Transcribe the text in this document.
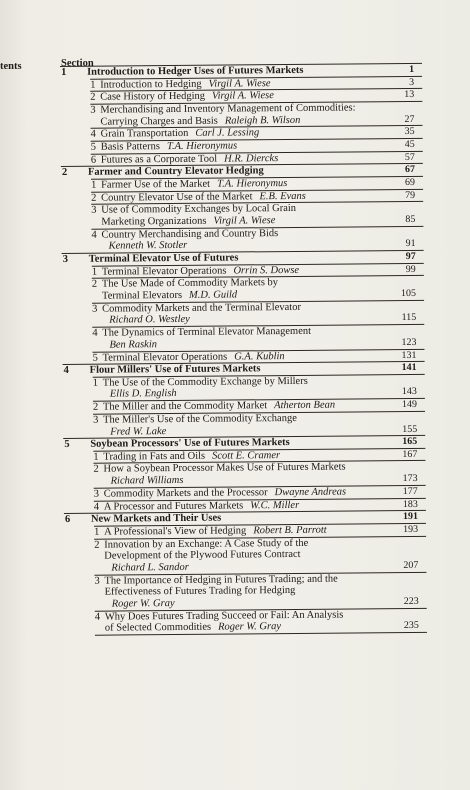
tents	Section
1 Introduction to Hedger Uses of Futures Markets	1
1 Introduction to Hedging Virgil A. Wiese	3
2 Case History of Hedging Virgil A. Wiese	13
3 Merchandising and Inventory Management of Commodities:
Carrying Charges and Basis Raleigh B. Wilson	27
4 Grain Transportation Carl J. Lessing	35
5 Basis Patterns T.A. Hieronymus	45
6 Futures as a Corporate Tool H.R. Diercks	57
2 Farmer and Country Elevator Hedging	67
1 Farmer Use of the Market T.A. Hieronymus	69
2 Country Elevator Use of the Market E.B. Evans	79
3 Use of Commodity Exchanges by Local Grain
Marketing Organizations Virgil A. Wiese	85
4 Country Merchandising and Country Bids
Kenneth W. Stotler	91
3 Terminal Elevator Use of Futures	97
1 Terminal Elevator Operations Orrin S. Dowse	99
2 The Use Made of Commodity Markets by
Terminal Elevators M.D. Guild	105
3 Commodity Markets and the Terminal Elevator
Richard O. Westley	115
4 The Dynamics of Terminal Elevator Management
Ben Raskin	123
5 Terminal Elevator Operations G.A. Kublin	131
4 Flour Millers' Use of Futures Markets	141
1 The Use of the Commodity Exchange by Millers
Ellis D. English	143
2 The Miller and the Commodity Market Atherton Bean	149
3 The Miller's Use of the Commodity Exchange
Fred W. Lake	155
5 Soybean Processors' Use of Futures Markets	165
1 Trading in Fats and Oils Scott E. Cramer	167
2 How a Soybean Processor Makes Use of Futures Markets
Richard Williams	173
3 Commodity Markets and the Processor Dwayne Andreas	177
4 A Processor and Futures Markets W.C. Miller	183
6 New Markets and Their Uses	191
1 A Professional's View of Hedging Robert B. Parrott	193
2 Innovation by an Exchange: A Case Study of the
Development of the Plywood Futures Contract
Richard L. Sandor	207
3 The Importance of Hedging in Futures Trading; and the
Effectiveness of Futures Trading for Hedging
Roger W. Gray	223
4 Why Does Futures Trading Succeed or Fail: An Analysis
of Selected Commodities Roger W. Gray	235
